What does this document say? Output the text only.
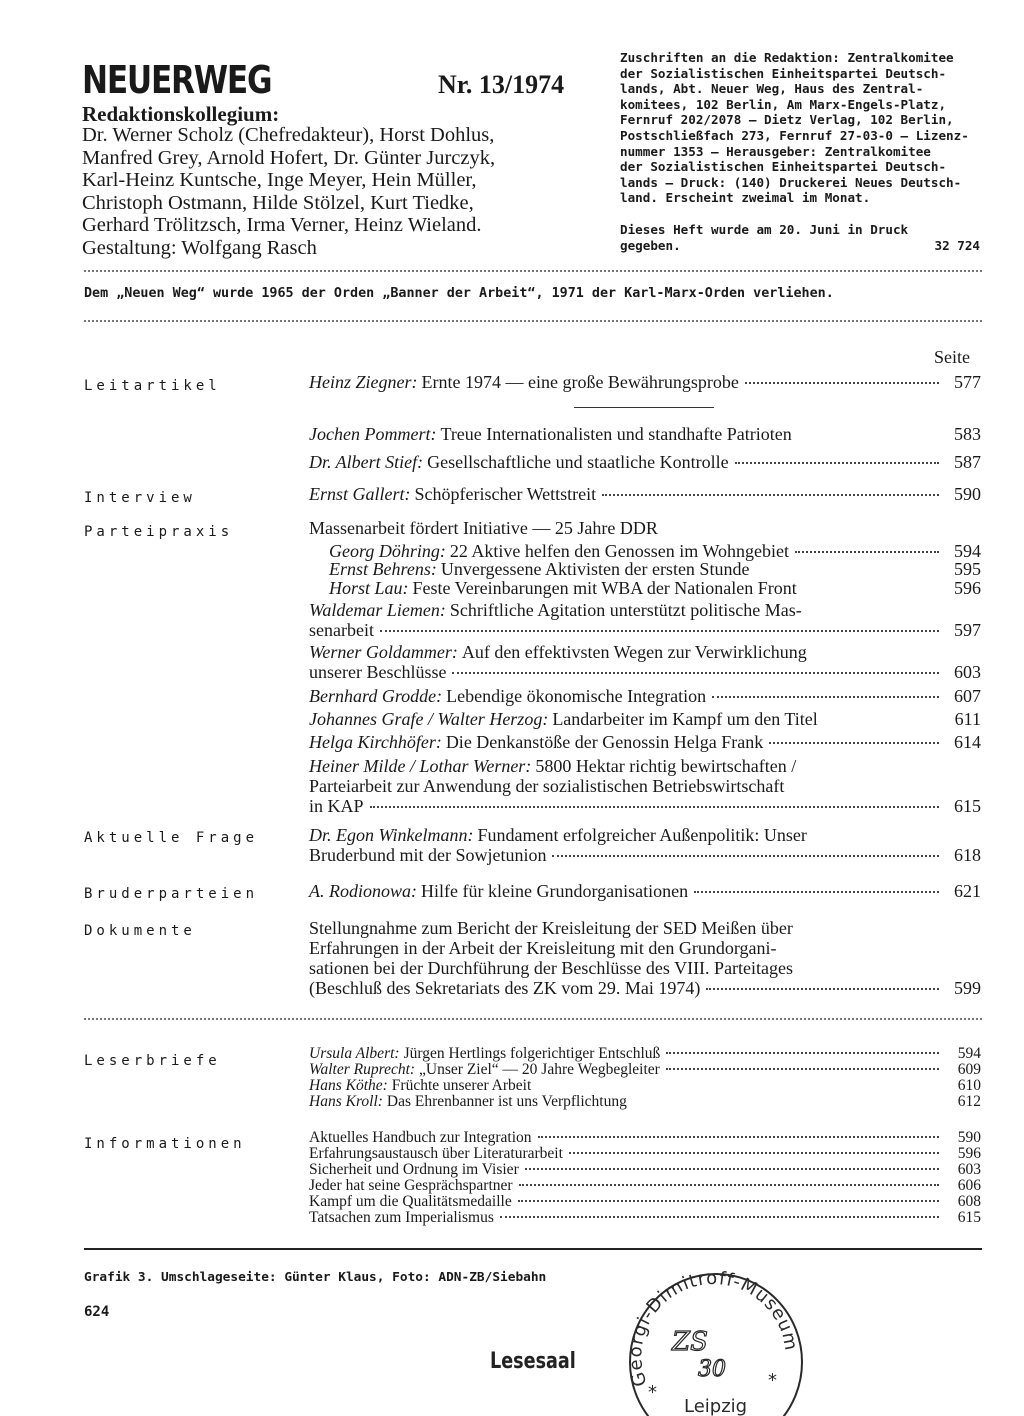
NEUERWEG	Nr. 13/1974
Redaktionskollegium:
Dr. Werner Scholz (Chefredakteur), Horst Dohlus,
Manfred Grey, Arnold Hofert, Dr. Günter Jurczyk,
Karl-Heinz Kuntsche, Inge Meyer, Hein Müller,
Christoph Ostmann, Hilde Stölzel, Kurt Tiedke,
Gerhard Trölitzsch, Irma Verner, Heinz Wieland.
Gestaltung: Wolfgang Rasch
Zuschriften an die Redaktion: Zentralkomitee
der Sozialistischen Einheitspartei Deutsch-
lands, Abt. Neuer Weg, Haus des Zentral-
komitees, 102 Berlin, Am Marx-Engels-Platz,
Fernruf 202/2078 — Dietz Verlag, 102 Berlin,
Postschließfach 273, Fernruf 27-03-0 — Lizenz-
nummer 1353 — Herausgeber: Zentralkomitee
der Sozialistischen Einheitspartei Deutsch-
lands — Druck: (140) Druckerei Neues Deutsch-
land. Erscheint zweimal im Monat.
Dieses Heft wurde am 20. Juni in Druck
gegeben.	32 724
Dem „Neuen Weg“ wurde 1965 der Orden „Banner der Arbeit“, 1971 der Karl-Marx-Orden verliehen.
Seite
Leitartikel	Heinz Ziegner: Ernte 1974 — eine große Bewährungsprobe	577
Jochen Pommert: Treue Internationalisten und standhafte Patrioten	583
Dr. Albert Stief: Gesellschaftliche und staatliche Kontrolle	587
Interview	Ernst Gallert: Schöpferischer Wettstreit	590
Parteipraxis	Massenarbeit fördert Initiative — 25 Jahre DDR
Georg Döhring: 22 Aktive helfen den Genossen im Wohngebiet	594
Ernst Behrens: Unvergessene Aktivisten der ersten Stunde	595
Horst Lau: Feste Vereinbarungen mit WBA der Nationalen Front	596
Waldemar Liemen: Schriftliche Agitation unterstützt politische Mas-
senarbeit	597
Werner Goldammer: Auf den effektivsten Wegen zur Verwirklichung
unserer Beschlüsse	603
Bernhard Grodde: Lebendige ökonomische Integration	607
Johannes Grafe / Walter Herzog: Landarbeiter im Kampf um den Titel	611
Helga Kirchhöfer: Die Denkanstöße der Genossin Helga Frank	614
Heiner Milde / Lothar Werner: 5800 Hektar richtig bewirtschaften /
Parteiarbeit zur Anwendung der sozialistischen Betriebswirtschaft
in KAP	615
Aktuelle Frage	Dr. Egon Winkelmann: Fundament erfolgreicher Außenpolitik: Unser
Bruderbund mit der Sowjetunion	618
Bruderparteien	A. Rodionowa: Hilfe für kleine Grundorganisationen	621
Dokumente	Stellungnahme zum Bericht der Kreisleitung der SED Meißen über
Erfahrungen in der Arbeit der Kreisleitung mit den Grundorgani-
sationen bei der Durchführung der Beschlüsse des VIII. Parteitages
(Beschluß des Sekretariats des ZK vom 29. Mai 1974)	599
Leserbriefe	Ursula Albert: Jürgen Hertlings folgerichtiger Entschluß	594
Walter Ruprecht: „Unser Ziel“ — 20 Jahre Wegbegleiter	609
Hans Köthe: Früchte unserer Arbeit	610
Hans Kroll: Das Ehrenbanner ist uns Verpflichtung	612
Informationen	Aktuelles Handbuch zur Integration	590
Erfahrungsaustausch über Literaturarbeit	596
Sicherheit und Ordnung im Visier	603
Jeder hat seine Gesprächspartner	606
Kampf um die Qualitätsmedaille	608
Tatsachen zum Imperialismus	615
Grafik 3. Umschlageseite: Günter Klaus, Foto: ADN-ZB/Siebahn
624
Lesesaal
Georgi-Dimitroff-Museum
ZS
30
*
*
Leipzig
